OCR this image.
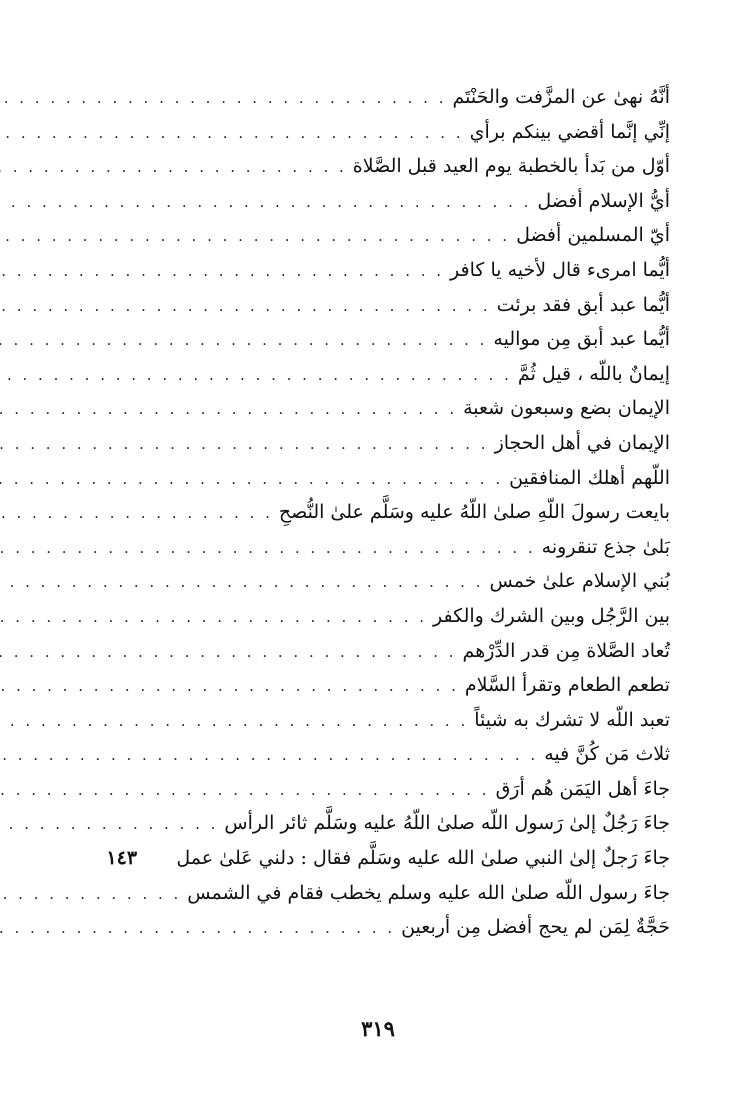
أنَّهُ نهىٰ عن المزَّفت والحَنْتَم
. . .
إنِّي إنَّما أقضي بينكم برأي
. . .
أوّل من بَدأ بالخطبة يوم العيد قبل الصَّلاة
. . .
أيُّ الإسلام أفضل
. . .
أيّ المسلمين أفضل
. . .
أيُّما امرىء قال لأخيه يا كافر
. . .
أيُّما عبد أبق فقد برئت
. . .
أيُّما عبد أبق مِن مواليه
. . .
إيمانٌ باللّه ، قيل ثُمَّ
. . .
الإيمان بضع وسبعون شعبة
. . .
الإيمان في أهل الحجاز
. . .
اللّهم أهلك المنافقين
. . .
بايعت رسولَ اللّهِ صلىٰ اللّهُ عليه وسَلَّم علىٰ النُّصحِ
. . .
بَلىٰ جذع تنقرونه
. . .
بُني الإسلام علىٰ خمس
. . .
بين الرَّجُل وبين الشرك والكفر
. . .
تُعاد الصَّلاة مِن قدر الدِّرْهم
. . .
تطعم الطعام وتقرأ السَّلام
. . .
تعبد اللّه لا تشرك به شيئاً
. . .
ثلاث مَن كُنَّ فيه
. . .
جاءَ أهل اليَمَن هُم أرَق
. . .
جاءَ رَجُلٌ إلىٰ رَسول اللّه صلىٰ اللّهُ عليه وسَلَّم ثائر الرأس
. . .
جاءَ رَجلٌ إلىٰ النبي صلىٰ الله عليه وسَلَّم فقال : دلني عَلىٰ عمل
١٤٣
جاءَ رسول اللّه صلىٰ الله عليه وسلم يخطب فقام في الشمس
. . .
حَجَّةٌ لِمَن لم يحج أفضل مِن أربعين
. . .
٣١٩
